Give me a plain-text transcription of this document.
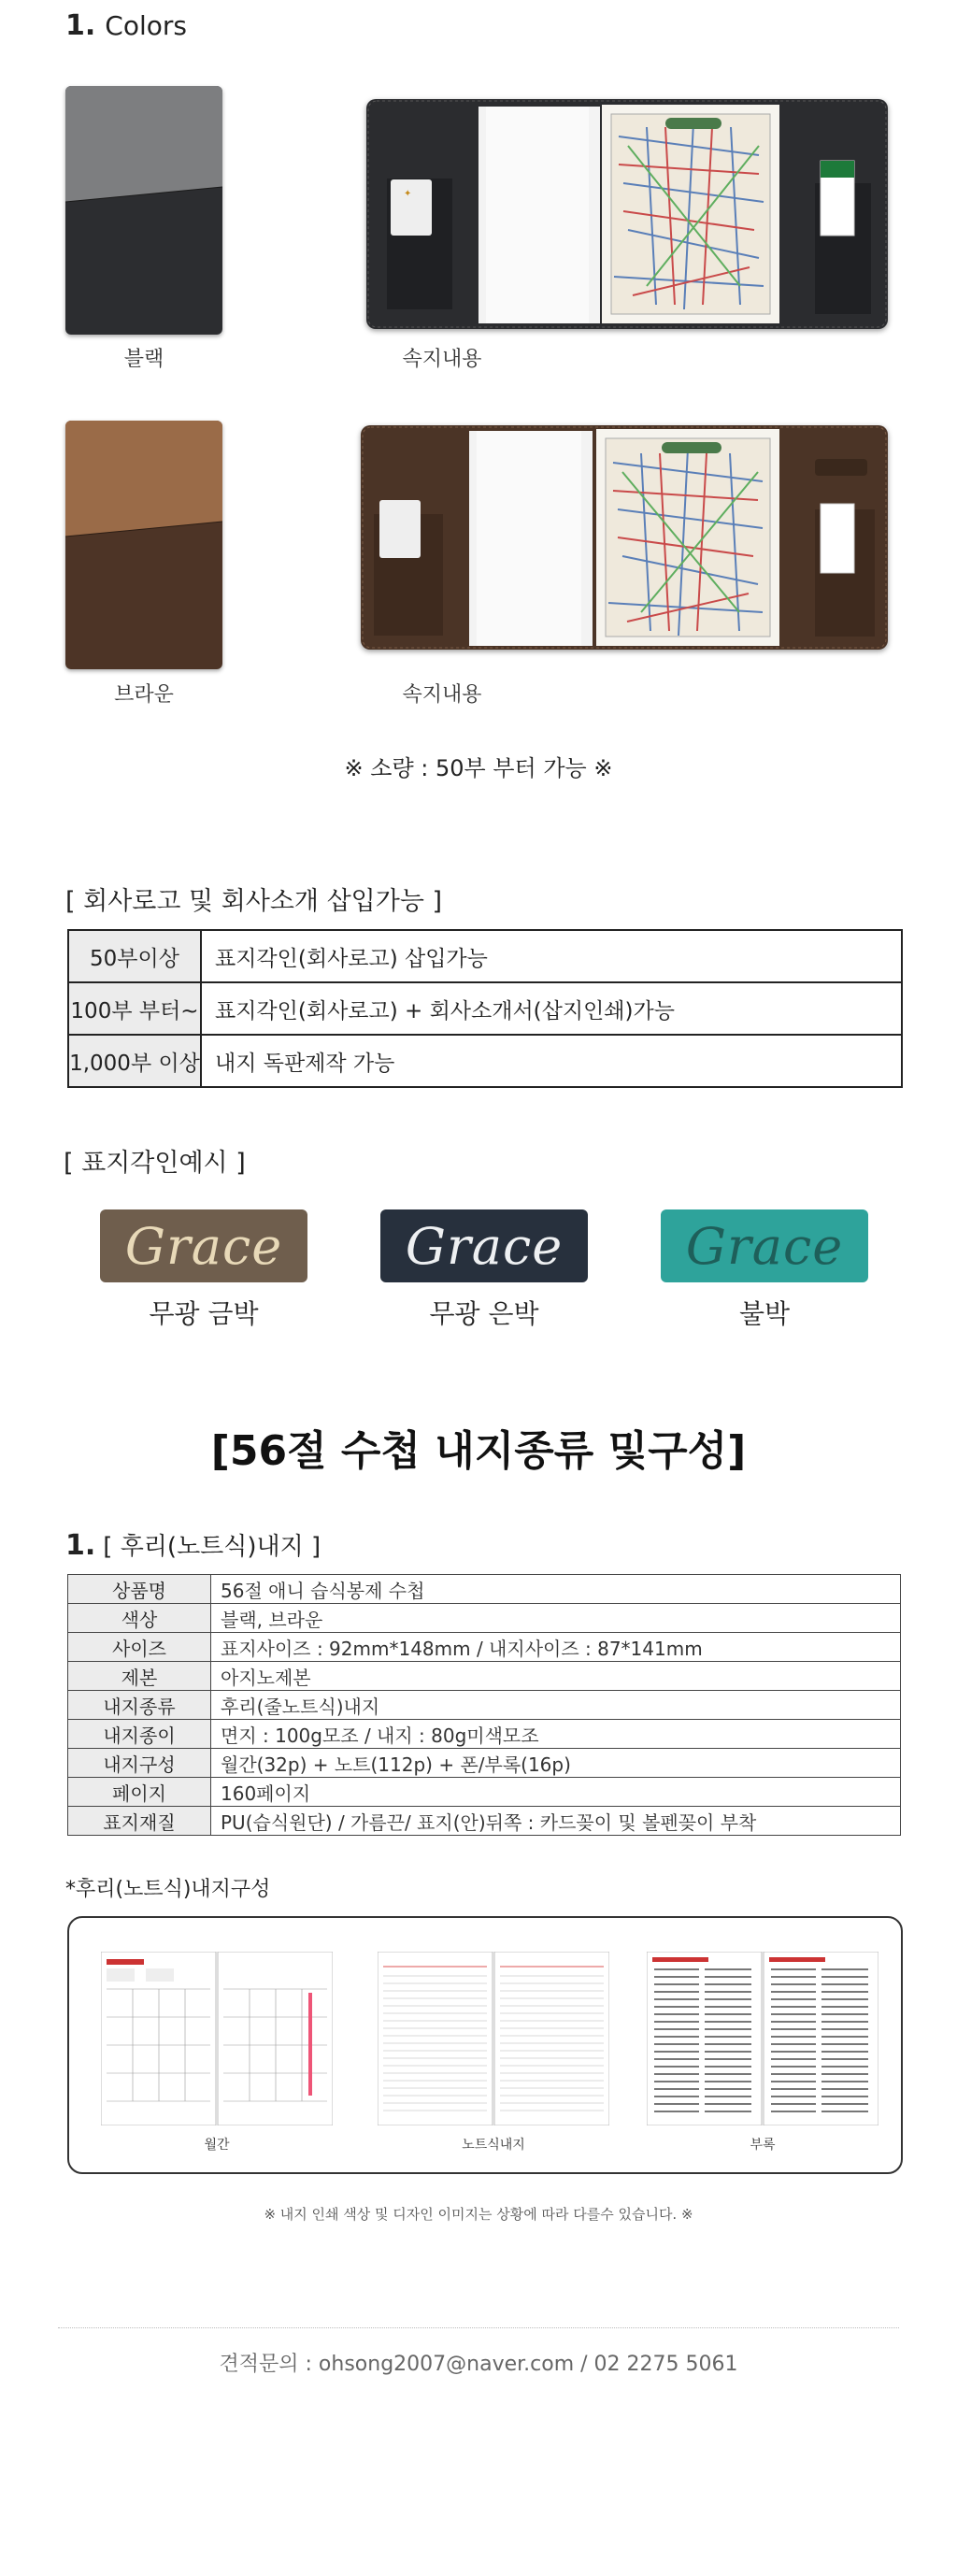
1. Colors
블랙
✦
속지내용
브라운	속지내용
※ 소량 : 50부 부터 가능 ※
[ 회사로고 및 회사소개 삽입가능 ]
50부이상	표지각인(회사로고) 삽입가능
100부 부터~	표지각인(회사로고) + 회사소개서(삽지인쇄)가능
1,000부 이상	내지 독판제작 가능
[ 표지각인예시 ]
Grace
무광 금박
Grace
무광 은박
Grace
불박
[56절 수첩 내지종류 및구성]
1. [ 후리(노트식)내지 ]
상품명	56절 애니 습식봉제 수첩
색상	블랙, 브라운
사이즈	표지사이즈 : 92mm*148mm / 내지사이즈 : 87*141mm
제본	아지노제본
내지종류	후리(줄노트식)내지
내지종이	면지 : 100g모조 / 내지 : 80g미색모조
내지구성	월간(32p) + 노트(112p) + 폰/부록(16p)
페이지	160페이지
표지재질	PU(습식원단) / 가름끈/ 표지(안)뒤쪽 : 카드꽂이 및 볼펜꽂이 부착
*후리(노트식)내지구성
월간	노트식내지	부록
※ 내지 인쇄 색상 및 디자인 이미지는 상황에 따라 다를수 있습니다. ※
견적문의 : ohsong2007@naver.com / 02 2275 5061
